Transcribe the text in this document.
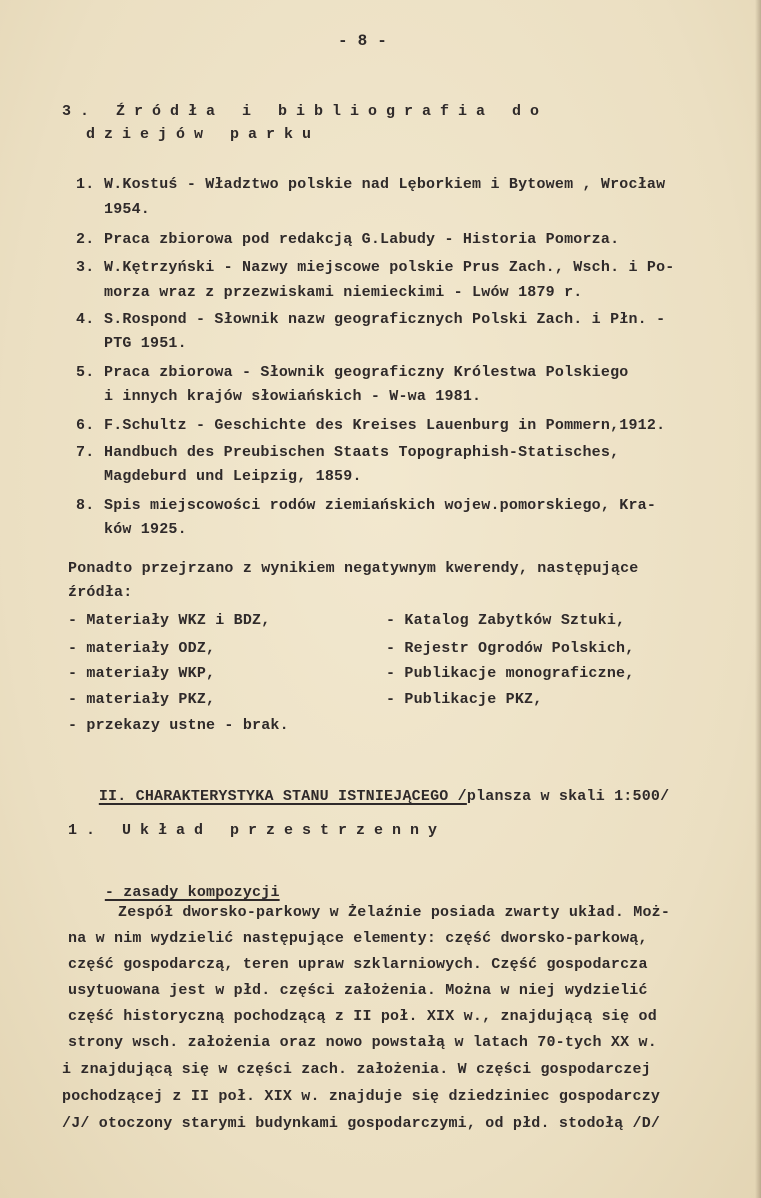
- 8 -
3. Źródła i bibliografia do
dziejów parku
1. W.Kostuś - Władztwo polskie nad Lęborkiem i Bytowem , Wrocław
1954.
2. Praca zbiorowa pod redakcją G.Labudy - Historia Pomorza.
3. W.Kętrzyński - Nazwy miejscowe polskie Prus Zach., Wsch. i Po-
morza wraz z przezwiskami niemieckimi - Lwów 1879 r.
4. S.Rospond - Słownik nazw geograficznych Polski Zach. i Płn. -
PTG 1951.
5. Praca zbiorowa - Słownik geograficzny Królestwa Polskiego
i innych krajów słowiańskich - W-wa 1981.
6. F.Schultz - Geschichte des Kreises Lauenburg in Pommern,1912.
7. Handbuch des Preubischen Staats Topographish-Statisches,
Magdeburd und Leipzig, 1859.
8. Spis miejscowości rodów ziemiańskich wojew.pomorskiego, Kra-
ków 1925.
Ponadto przejrzano z wynikiem negatywnym kwerendy, następujące
źródła:
- Materiały WKZ i BDZ,
- materiały ODZ,
- materiały WKP,
- materiały PKZ,
- przekazy ustne - brak.
- Katalog Zabytków Sztuki,
- Rejestr Ogrodów Polskich,
- Publikacje monograficzne,
- Publikacje PKZ,

II. CHARAKTERYSTYKA STANU ISTNIEJĄCEGO /plansza w skali 1:500/

1. Układ przestrzenny

- zasady kompozycji

Zespół dworsko-parkowy w Żelaźnie posiada zwarty układ. Moż-
na w nim wydzielić następujące elementy: część dworsko-parkową,
część gospodarczą, teren upraw szklarniowych. Część gospodarcza
usytuowana jest w płd. części założenia. Można w niej wydzielić
część historyczną pochodzącą z II poł. XIX w., znajdującą się od
strony wsch. założenia oraz nowo powstałą w latach 70-tych XX w.
i znajdującą się w części zach. założenia. W części gospodarczej
pochodzącej z II poł. XIX w. znajduje się dziedziniec gospodarczy
/J/ otoczony starymi budynkami gospodarczymi, od płd. stodołą /D/
